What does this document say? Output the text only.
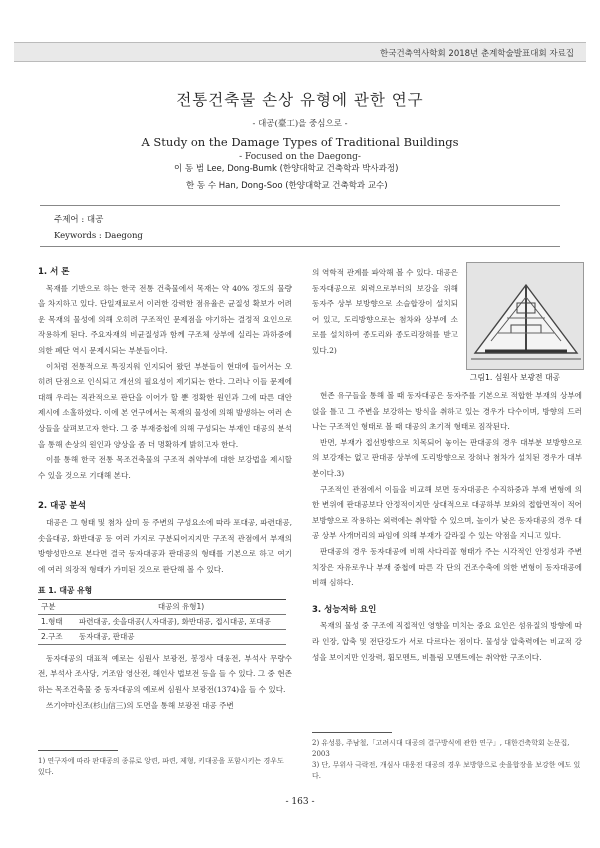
한국건축역사학회 2018년 춘계학술발표대회 자료집
전통건축물 손상 유형에 관한 연구
- 대공(臺工)을 중심으로 -
A Study on the Damage Types of Traditional Buildings
- Focused on the Daegong-
이 동 범 Lee, Dong-Bumk (한양대학교 건축학과 박사과정)
한 동 수 Han, Dong-Soo (한양대학교 건축학과 교수)
주제어 : 대공
Keywords : Daegong
1. 서 론

목재를 기반으로 하는 한국 전통 건축물에서 목재는 약 40% 정도의 물량을 차지하고 있다. 단일재료로서 이러한 강력한 점유율은 균질성 확보가 어려운 목재의 물성에 의해 오히려 구조적인 문제점을 야기하는 결정적 요인으로 작용하게 된다. 주요자재의 비균질성과 함께 구조체 상부에 실리는 과하중에 의한 폐단 역시 문제시되는 부분들이다.

이처럼 전통적으로 특징지워 인지되어 왔던 부분들이 현대에 들어서는 오히려 단점으로 인식되고 개선의 필요성이 제기되는 한다. 그러나 이들 문제에 대해 우리는 직관적으로 판단을 이어가 할 뿐 정확한 원인과 그에 따른 대안 제시에 소홀하였다. 이에 본 연구에서는 목재의 물성에 의해 발생하는 여러 손상들을 살펴보고자 한다. 그 중 부재중첩에 의해 구성되는 부재인 대공의 분석을 통해 손상의 원인과 양상을 좀 더 명확하게 밝히고자 한다.

이를 통해 한국 전통 목조건축물의 구조적 취약부에 대한 보강법을 제시할 수 있을 것으로 기대해 본다.

2. 대공 분석

대공은 그 형태 및 첨차 살미 등 주변의 구성요소에 따라 포대공, 파련대공, 솟을대공, 화반대공 등 여러 가지로 구분되어지지만 구조적 관점에서 부재의 방향성만으로 본다면 결국 동자대공과 판대공의 형태를 기본으로 하고 여기에 여러 의장적 형태가 가미된 것으로 판단해 볼 수 있다.

표 1. 대공 유형
구분	대공의 유형1)
1.형태	파련대공, 솟을대공(人자대공), 화반대공, 접시대공, 포대공
2.구조	동자대공, 판대공

동자대공의 대표적 예로는 심원사 보광전, 봉정사 대웅전, 부석사 무량수전, 부석사 조사당, 거조암 영산전, 해인사 법보전 등을 들 수 있다. 그 중 현존하는 목조건축물 중 동자대공의 예로써 심원사 보광전(1374)을 들 수 있다.

쓰기야마신조(杉山信三)의 도면을 통해 보광전 대공 주변

1) 연구자에 따라 판대공의 종류로 앙련, 파련, 제형, 키대공을 포함시키는 경우도 있다.

의 역학적 관계를 파악해 볼 수 있다. 대공은 동자대공으로 외력으로부터의 보강을 위해 동자주 상부 보방향으로 소슬합장이 설치되어 있고, 도리방향으로는 첨차와 상부에 소로를 설치하여 종도리와 종도리장혀를 받고 있다.2)

그림1. 심원사 보광전 대공

현존 유구들을 통해 볼 때 동자대공은 동자주를 기본으로 적합한 부재의 상부에 얹을 틀고 그 주변을 보강하는 방식을 취하고 있는 경우가 다수이며, 방향의 드러나는 구조적인 형태로 볼 때 대공의 초기적 형태로 짐작된다.

반면, 부재가 접선방향으로 치목되어 놓이는 판대공의 경우 대부분 보방향으로의 보강재는 없고 판대공 상부에 도리방향으로 장혀나 첨차가 설치된 경우가 대부분이다.3)

구조적인 관점에서 이들을 비교해 보면 동자대공은 수직하중과 부재 변형에 의한 변위에 판대공보다 안정적이지만 상대적으로 대공하부 보와의 접합면적이 적어 보방향으로 작용하는 외력에는 취약할 수 있으며, 높이가 낮은 동자대공의 경우 대공 상부 사개머리의 파임에 의해 부재가 갈라질 수 있는 약점을 지니고 있다.

판대공의 경우 동자대공에 비해 사다리꼴 형태가 주는 시각적인 안정성과 주변 치장은 자유로우나 부재 중첩에 따른 각 단의 건조수축에 의한 변형이 동자대공에 비해 심하다.

3. 성능저하 요인

목재의 물성 중 구조에 직접적인 영향을 미치는 중요 요인은 섬유질의 방향에 따라 인장, 압축 및 전단강도가 서로 다르다는 점이다. 물성상 압축력에는 비교적 강성을 보이지만 인장력, 휨모멘트, 비틀림 모멘트에는 취약한 구조이다.

2) 유성룡, 주남철,「고려시대 대공의 결구방식에 관한 연구」, 대한건축학회 논문집, 2003
3) 단, 무위사 극락전, 개심사 대웅전 대공의 경우 보방향으로 솟을합장을 보강한 예도 있다.
- 163 -
